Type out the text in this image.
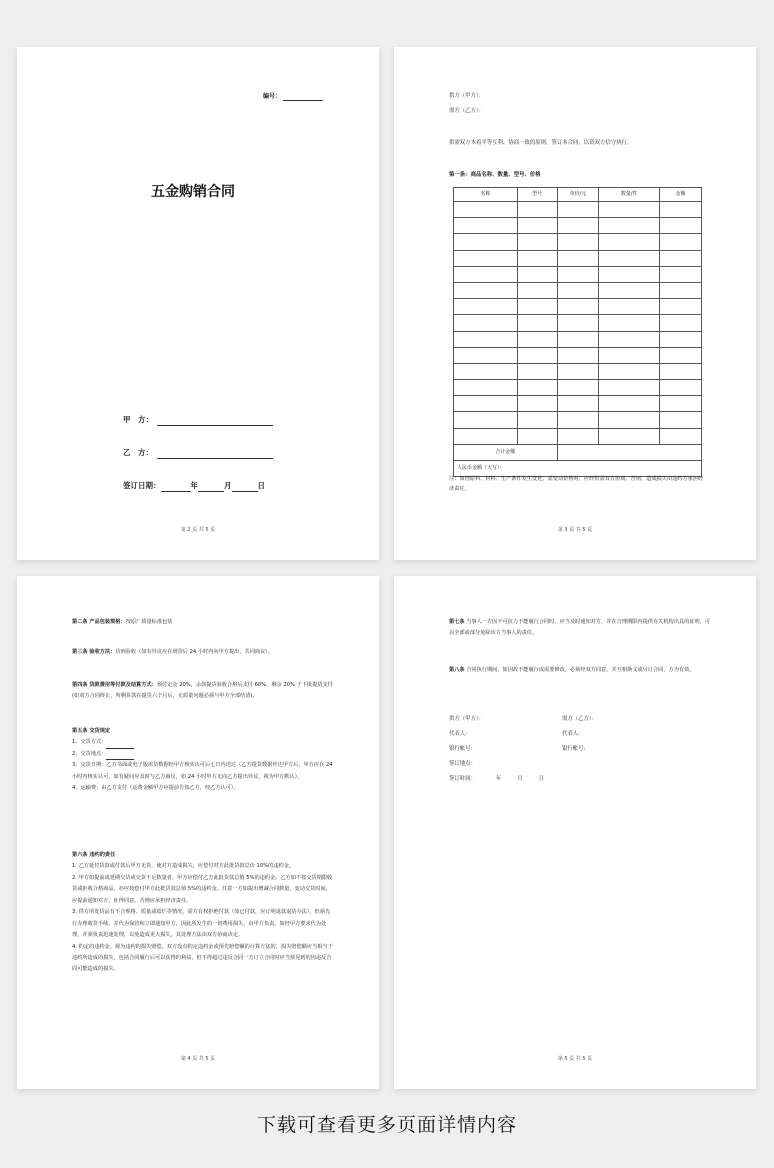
编号：
五金购销合同
甲　方：
乙　方：
签订日期：	年	月	日
第 2 页 共 5 页
供方（甲方）：
需方（乙方）：
供需双方本着平等互利、协商一致的原则，签订本合同，以资双方信守执行。
第一条：商品名称、数量、型号、价格
名称	型号	单价/元	数量/件	金额

合计金额				
人民币金额（大写）：				
注：如因原料、材料、生产条件发生变化，需变动价格时，应经供需双方协商。否则，造成损失由违约方承担经济责任。
第 3 页 共 5 页
第二条 产品包装规格：按原厂质量标准包装
第三条 验收方法：货到验收（如有异议应在到货后 24 小时内向甲方提出，共同商议）。
第四条 货款费用等付款及结算方式：预付定金 20%，余款提货验收合格后支付 60%，剩余 20% 于下批提货支付(如双方合同终止，所剩货款在提货六个月后，无质量问题必须与甲方全部结清)。
第五条 交货规定
1、交货方式：
2、交货地点：
3、交货日期：乙方书面或电子版需货数据经甲方核实认可后七日内送达（乙方提货数据传达甲方后，甲方应在 24 小时内核实认可，如有疑问应及时与乙方商议，如 24 小时甲方无向乙方提出异议，视为甲方默认）。
4、运输费：由乙方支付（运费金额甲方应提前告知乙方，经乙方认可）。
第六条 违约的责任
1. 乙方延付货款或付款后甲方无货，使对方造成损失，应偿付对方此批货款总价 10%的违约金。
2. 甲方如提前或延期交货或交货不足数量者，甲方应偿付乙方此批货款总值 5%的违约金。乙方如不按交货期限收货或拒收合格商品，亦应按偿付甲方此批货款总值 5%的违约金。任意一方如提出增减合同数量，变动交货时间，应提前通知对方，征得同意，否则应承担经济责任。
3. 供方所发货品有不合规格、质量或霉烂等情况，需方有权拒绝付款（如已付款，应订明退款退货办法），但须先行办理收货手续，并代为保管和立即通知甲方，因此所发生的一切费用损失，由甲方负责，如经甲方要求代为处理，并须负责迅速处理，以免造成更大损失，其处理方法由双方协商决定。
4. 约定的违约金，视为违约的损失赔偿。双方没有约定违约金或预先赔偿额的计算方法的，损失赔偿额应当相当于违约所造成的损失，包括合同履行后可以获得的利益，但不得超过违反合同一方订立合同时应当预见到的因违反合同可能造成的损失。
第 4 页 共 5 页
第七条 当事人一方因不可抗力不能履行合同时，应当及时通知对方，并在合理期限内提供有关机构出具的证明，可以全部或部分免除该方当事人的责任。
第八条 合同执行期间，如因故不能履行或需要修改，必须经双方同意，并互相换文或另订合同，方为有效。
供方（甲方）：	需方（乙方）：
代表人:	代表人:
银行帐号:	银行帐号:
签订地点：
签订时间：	年	月	日
第 5 页 共 5 页
下载可查看更多页面详情内容
